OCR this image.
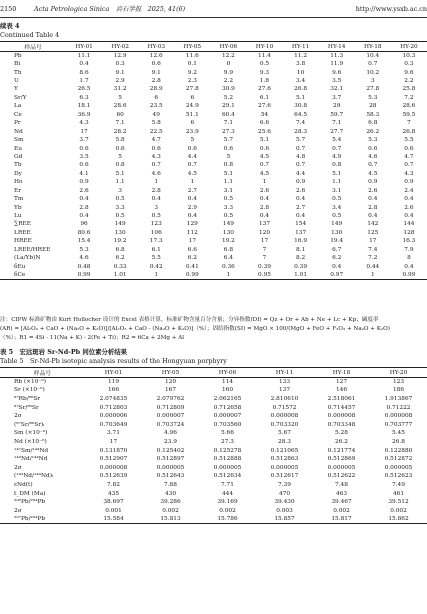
2150	Acta Petrologica Sinica　 岩石学报　 2025, 41(6)	http://www.ysxb.ac.cn
续表 4
Continued Table 4
样品号	HY-01	HY-02	HY-03	HY-05	HY-06	HY-10	HY-11	HY-14	HY-18	HY-20
Pb	11.1	12.9	12.6	11.6	12.2	11.4	11.2	11.3	10.4	10.3
Bi	0.4	0.3	0.6	0.1	0	0.5	3.8	11.9	0.7	0.3
Th	8.6	9.1	9.1	9.2	9.9	9.3	10	9.6	10.2	9.6
U	1.7	2.9	2.8	2.3	2.2	1.8	3.4	3.5	3	2.2
Y	26.5	31.2	28.9	27.8	30.9	27.6	26.8	32.1	27.8	25.8
Sr/Y	6.3	5	6	6	5.2	6.1	5.1	3.7	5.3	7.2
La	18.1	28.6	23.5	24.9	29.1	27.6	30.8	29	28	28.6
Ce	36.9	60	49	51.1	60.4	54	64.5	59.7	58.3	59.5
Pr	4.3	7.1	5.8	6	7.1	6.6	7.4	7.1	6.8	7
Nd	17	28.2	22.5	23.9	27.3	25.6	28.3	27.7	26.2	26.8
Sm	3.7	5.8	4.7	5	5.7	5.1	5.7	5.4	5.3	5.5
Eu	0.6	0.6	0.6	0.6	0.6	0.6	0.7	0.7	0.6	0.6
Gd	3.5	5	4.3	4.4	5	4.5	4.8	4.9	4.6	4.7
Tb	0.6	0.8	0.7	0.7	0.8	0.7	0.7	0.8	0.7	0.7
Dy	4.1	5.1	4.6	4.5	5.1	4.5	4.4	5.1	4.5	4.3
Ho	0.9	1.1	1	1	1.1	1	0.9	1.1	0.9	0.9
Er	2.6	3	2.8	2.7	3.1	2.6	2.6	3.1	2.6	2.4
Tm	0.4	0.5	0.4	0.4	0.5	0.4	0.4	0.5	0.4	0.4
Yb	2.8	3.3	3	2.9	3.3	2.8	2.7	3.4	2.8	2.6
Lu	0.4	0.5	0.5	0.4	0.5	0.4	0.4	0.5	0.4	0.4
∑REE	96	149	123	129	149	137	154	149	142	144
LREE	80.6	130	106	112	130	120	137	130	125	128
HREE	15.4	19.2	17.3	17	19.2	17	16.9	19.4	17	16.3
LREE/HREE	5.3	6.8	6.1	6.6	6.8	7	8.1	6.7	7.4	7.9
(La/Yb)N	4.6	6.2	5.5	6.2	6.4	7	8.2	6.2	7.2	8
δEu	0.48	0.33	0.42	0.41	0.36	0.39	0.39	0.4	0.44	0.4
δCe	0.99	1.01	1	0.99	1	0.95	1.01	0.97	1	0.99

注：CIPW 标准矿物由 Kurt Hollocher 设计的 Excel 表格计算，标准矿物含量百分含量；分异指数(DI) = Qz + Or + Ab + Ne + Lc + Kp；碱度率

(AR) = [Al₂O₃ + CaO + (Na₂O + K₂O)]/[Al₂O₃ + CaO - (Na₂O + K₂O)]（%）；固结指数(SI) = MgO × 100/(MgO + FeO + F₂O₃ + Na₂O + K₂O)

（%）；R1 = 4Si - 11(Na + K) - 2(Fe + Ti)；R2 = 6Ca + 2Mg + Al

表 5　宏远斑岩 Sr-Nd-Pb 同位素分析结果
Table 5　Sr-Nd-Pb isotopic analysis results of the Hongyuan porphyry
样品号	HY-01	HY-05	HY-06	HY-11	HY-18	HY-20
Rb (×10⁻⁶)	119	120	114	133	127	123
Sr (×10⁻⁶)	166	167	160	137	146	186
⁸⁷Rb/⁸⁶Sr	2.074835	2.079762	2.062165	2.810610	2.518061	1.913867
⁸⁷Sr/⁸⁶Sr	0.712803	0.712809	0.712658	0.71572	0.714457	0.71222
2σ	0.000006	0.000007	0.000007	0.000008	0.000008	0.000008
(⁸⁷Sr/⁸⁶Sr)ᵢ	0.703649	0.703724	0.703560	0.703320	0.703348	0.703777
Sm (×10⁻⁶)	3.71	4.96	5.66	5.67	5.28	5.45
Nd (×10⁻⁶)	17	23.9	27.3	28.3	26.2	26.8
¹⁴⁷Sm/¹⁴⁴Nd	0.131870	0.125402	0.125278	0.121065	0.121774	0.122880
¹⁴³Nd/¹⁴⁴Nd	0.512907	0.512897	0.512888	0.512863	0.512869	0.512872
2σ	0.000008	0.000005	0.000005	0.000005	0.000005	0.000005
(¹⁴³Nd/¹⁴⁴Nd)ᵢ	0.512639	0.512643	0.512634	0.512617	0.512622	0.512623
εNd(t)	7.82	7.88	7.71	7.39	7.48	7.49
t_DM (Ma)	435	430	444	470	463	461
²⁰⁶Pb/²⁰⁴Pb	38.697	39.286	39.169	39.430	39.467	39.512
2σ	0.001	0.002	0.002	0.003	0.002	0.002
²⁰⁷Pb/²⁰⁴Pb	15.584	15.813	15.786	15.857	15.817	15.862
